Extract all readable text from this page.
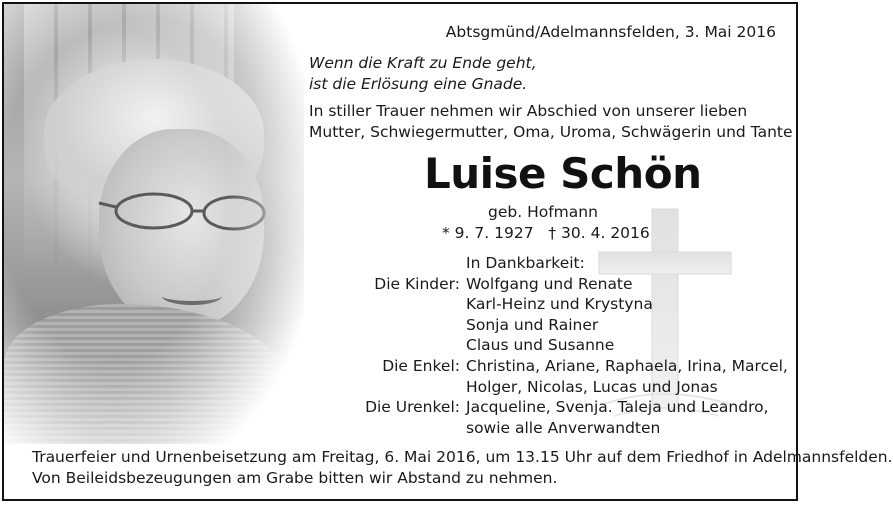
Abtsgmünd/Adelmannsfelden, 3. Mai 2016
Wenn die Kraft zu Ende geht,
ist die Erlösung eine Gnade.
In stiller Trauer nehmen wir Abschied von unserer lieben
Mutter, Schwiegermutter, Oma, Uroma, Schwägerin und Tante
Luise Schön
geb. Hofmann
* 9. 7. 1927 † 30. 4. 2016
In Dankbarkeit:
Die Kinder: Wolfgang und Renate
Karl-Heinz und Krystyna
Sonja und Rainer
Claus und Susanne
Die Enkel: Christina, Ariane, Raphaela, Irina, Marcel,
Holger, Nicolas, Lucas und Jonas
Die Urenkel: Jacqueline, Svenja. Taleja und Leandro,
sowie alle Anverwandten
Trauerfeier und Urnenbeisetzung am Freitag, 6. Mai 2016, um 13.15 Uhr auf dem Friedhof in Adelmannsfelden.
Von Beileidsbezeugungen am Grabe bitten wir Abstand zu nehmen.
